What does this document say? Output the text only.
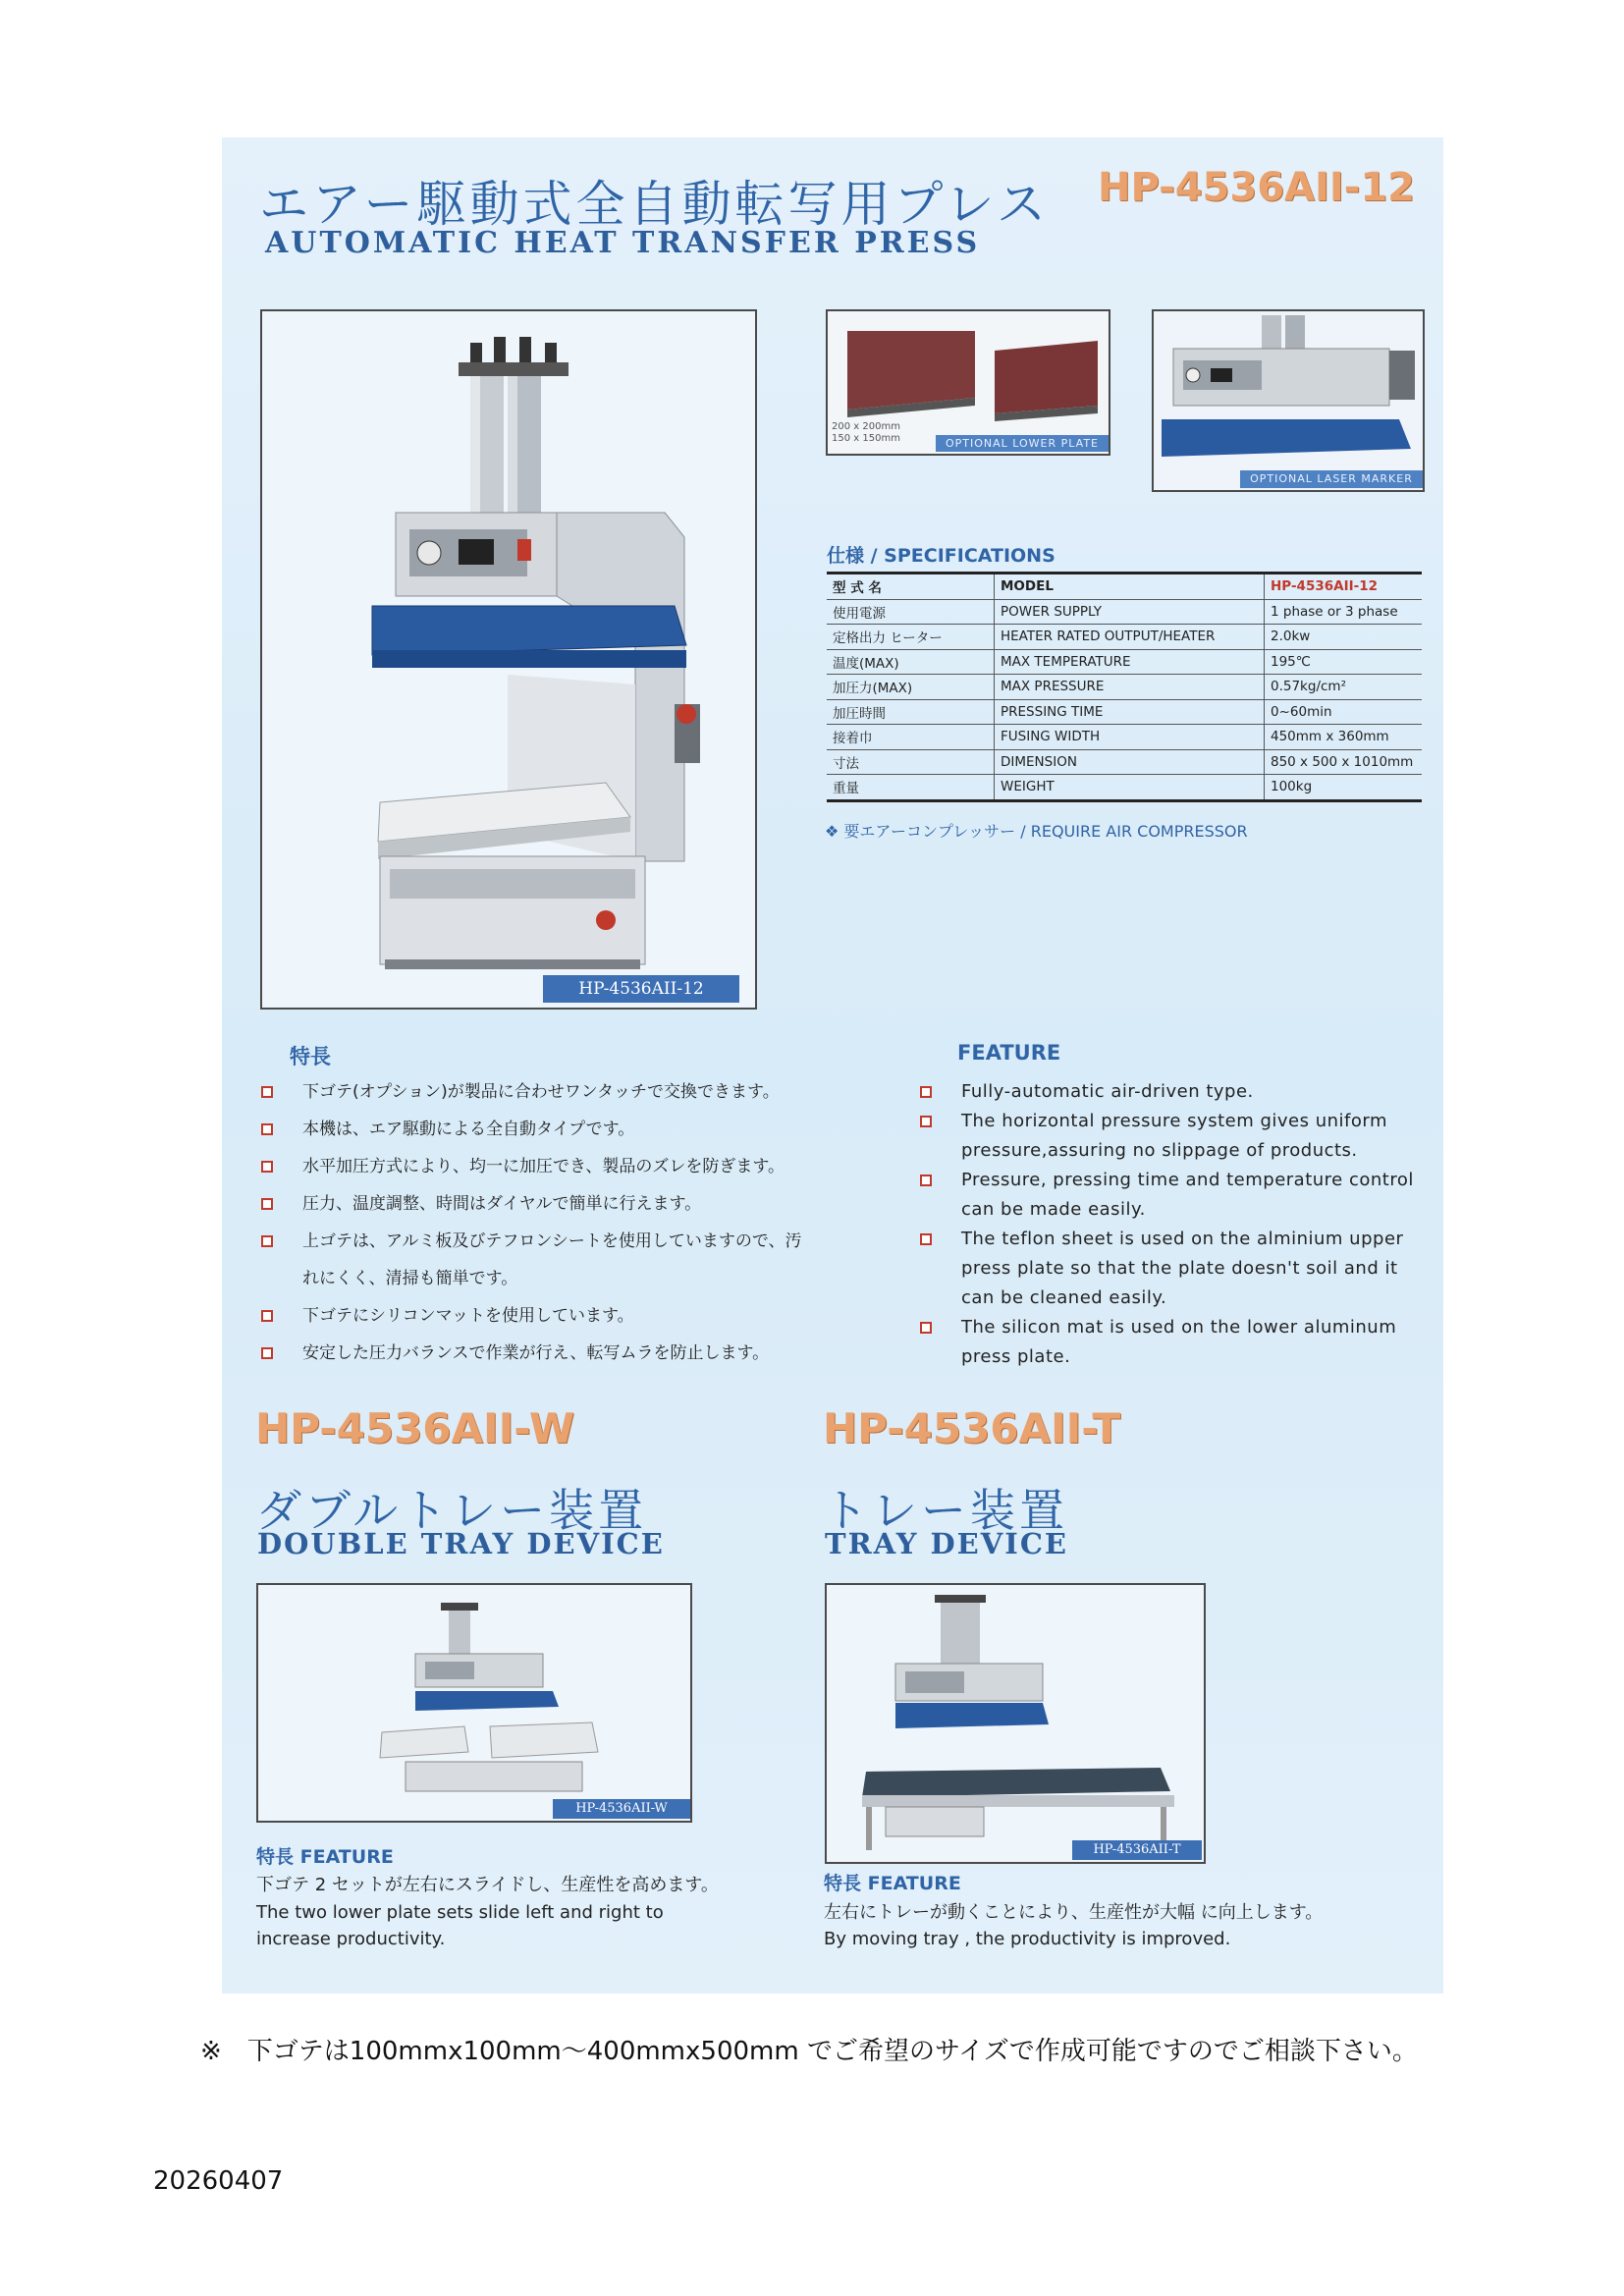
エアー駆動式全自動転写用プレス
AUTOMATIC HEAT TRANSFER PRESS
HP-4536AII-12
HP-4536AII-12
200 x 200mm
150 x 150mm	OPTIONAL LOWER PLATE
OPTIONAL LASER MARKER
仕様 / SPECIFICATIONS
型 式 名	MODEL	HP-4536AII-12
使用電源	POWER SUPPLY	1 phase or 3 phase
定格出力 ヒーター	HEATER RATED OUTPUT/HEATER	2.0kw
温度(MAX)	MAX TEMPERATURE	195℃
加圧力(MAX)	MAX PRESSURE	0.57kg/cm²
加圧時間	PRESSING TIME	0~60min
接着巾	FUSING WIDTH	450mm x 360mm
寸法	DIMENSION	850 x 500 x 1010mm
重量	WEIGHT	100kg
❖ 要エアーコンプレッサー / REQUIRE AIR COMPRESSOR
特長
下ゴテ(オプション)が製品に合わせワンタッチで交換できます。
本機は、エア駆動による全自動タイプです。
水平加圧方式により、均一に加圧でき、製品のズレを防ぎます。
圧力、温度調整、時間はダイヤルで簡単に行えます。
上ゴテは、アルミ板及びテフロンシートを使用していますので、汚
れにくく、清掃も簡単です。
下ゴテにシリコンマットを使用しています。
安定した圧力バランスで作業が行え、転写ムラを防止します。
FEATURE
Fully-automatic air-driven type.
The horizontal pressure system gives uniform
pressure,assuring no slippage of products.
Pressure, pressing time and temperature control
can be made easily.
The teflon sheet is used on the alminium upper
press plate so that the plate doesn't soil and it
can be cleaned easily.
The silicon mat is used on the lower aluminum
press plate.
HP-4536AII-W
ダブルトレー装置
DOUBLE TRAY DEVICE
HP-4536AII-W
特長 FEATURE
下ゴテ 2 セットが左右にスライドし、生産性を高めます。
The two lower plate sets slide left and right to
increase productivity.
HP-4536AII-T
トレー装置
TRAY DEVICE
HP-4536AII-T
特長 FEATURE
左右にトレーが動くことにより、生産性が大幅 に向上します。
By moving tray , the productivity is improved.
※　下ゴテは100mmx100mm～400mmx500mm でご希望のサイズで作成可能ですのでご相談下さい。
20260407
